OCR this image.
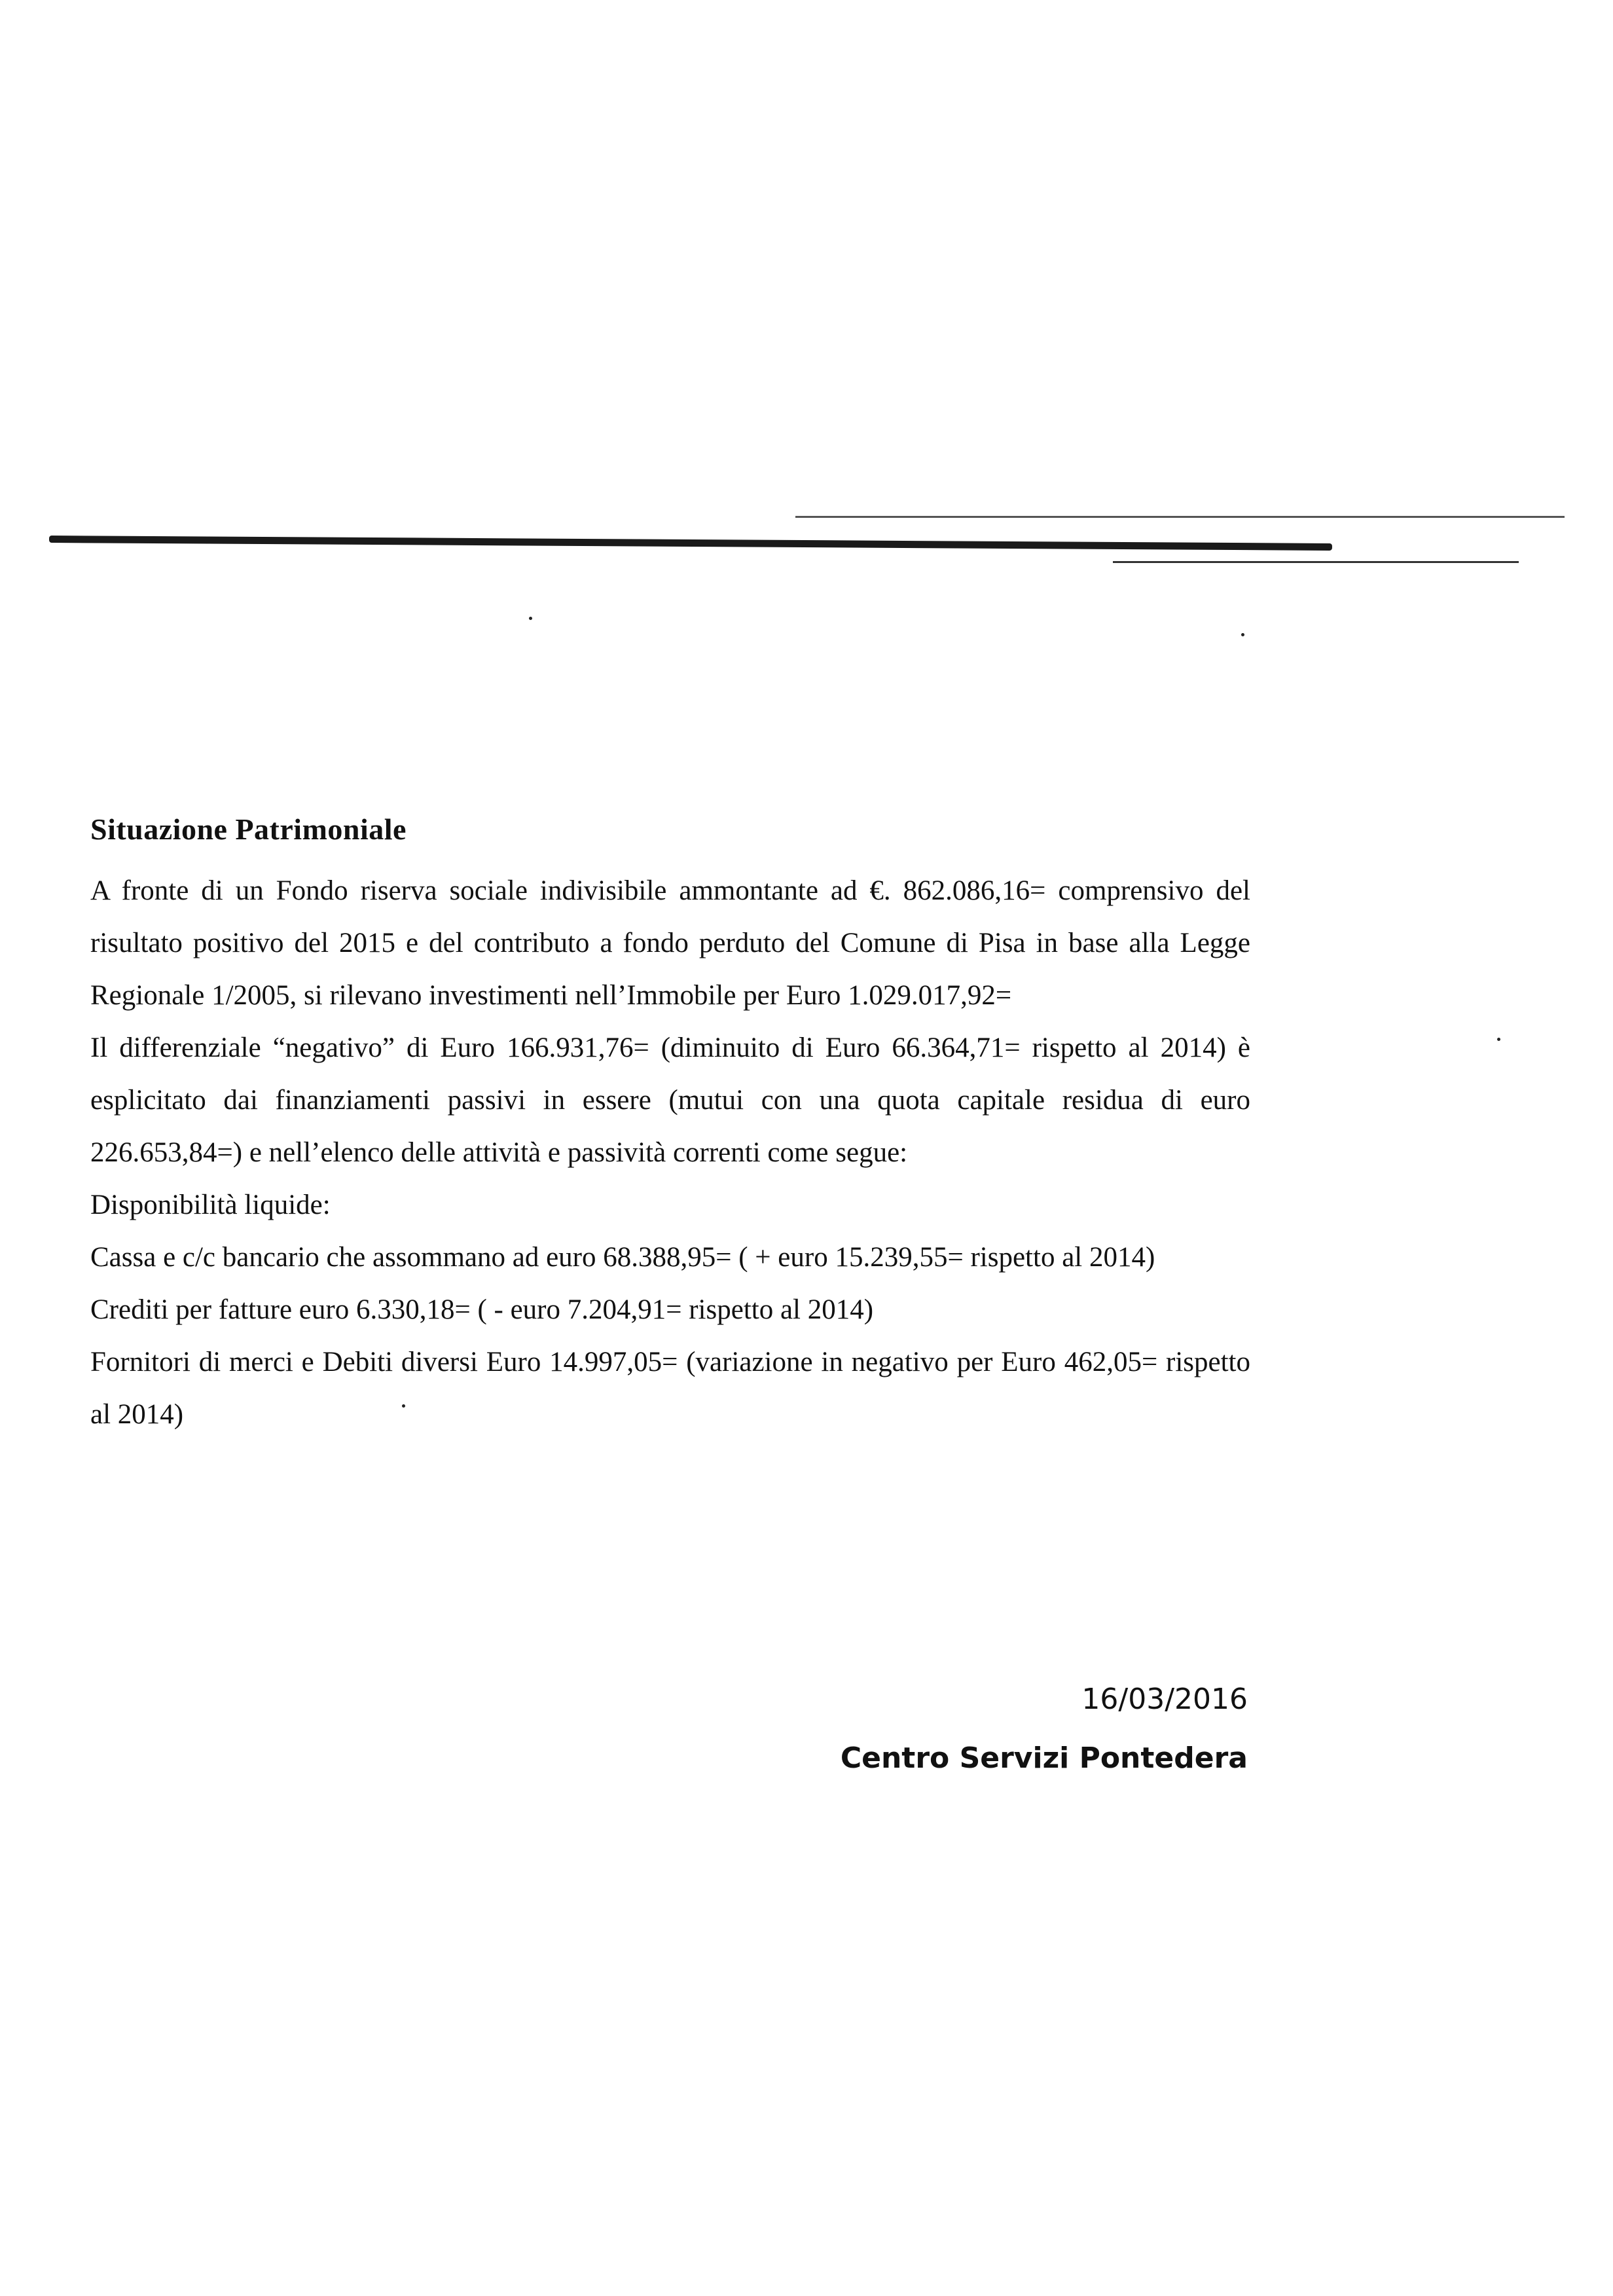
Situazione Patrimoniale

A fronte di un Fondo riserva sociale indivisibile ammontante ad €. 862.086,16= comprensivo del risultato positivo del 2015 e del contributo a fondo perduto del Comune di Pisa in base alla Legge Regionale 1/2005, si rilevano investimenti nell’Immobile per Euro 1.029.017,92=

Il differenziale “negativo” di Euro 166.931,76= (diminuito di Euro 66.364,71= rispetto al 2014) è esplicitato dai finanziamenti passivi in essere (mutui con una quota capitale residua di euro 226.653,84=) e nell’elenco delle attività e passività correnti come segue:

Disponibilità liquide:

Cassa e c/c bancario che assommano ad euro 68.388,95= ( + euro 15.239,55= rispetto al 2014)

Crediti per fatture euro 6.330,18= ( - euro 7.204,91= rispetto al 2014)

Fornitori di merci e Debiti diversi Euro 14.997,05= (variazione in negativo per Euro 462,05= rispetto al 2014)

16/03/2016
Centro Servizi Pontedera
